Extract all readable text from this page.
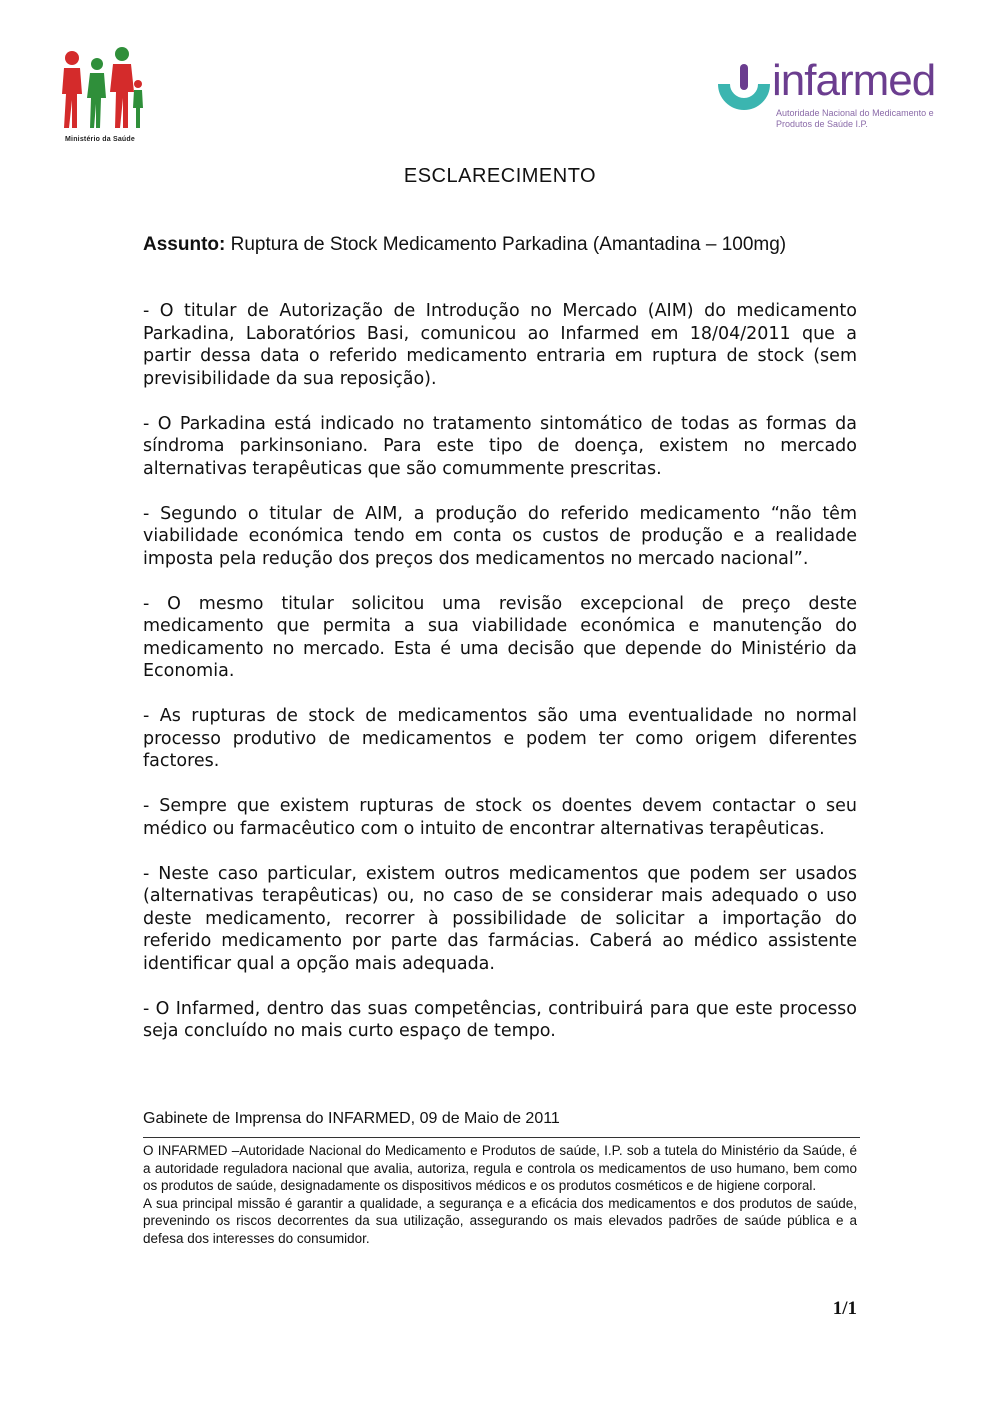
Ministério da Saúde
infarmed
Autoridade Nacional do Medicamento e Produtos de Saúde I.P.
ESCLARECIMENTO
Assunto: Ruptura de Stock Medicamento Parkadina (Amantadina – 100mg)

- O titular de Autorização de Introdução no Mercado (AIM) do medicamento Parkadina, Laboratórios Basi, comunicou ao Infarmed em 18/04/2011 que a partir dessa data o referido medicamento entraria em ruptura de stock (sem previsibilidade da sua reposição).

- O Parkadina está indicado no tratamento sintomático de todas as formas da síndroma parkinsoniano. Para este tipo de doença, existem no mercado alternativas terapêuticas que são comummente prescritas.

- Segundo o titular de AIM, a produção do referido medicamento “não têm viabilidade económica tendo em conta os custos de produção e a realidade imposta pela redução dos preços dos medicamentos no mercado nacional”.

- O mesmo titular solicitou uma revisão excepcional de preço deste medicamento que permita a sua viabilidade económica e manutenção do medicamento no mercado. Esta é uma decisão que depende do Ministério da Economia.

- As rupturas de stock de medicamentos são uma eventualidade no normal processo produtivo de medicamentos e podem ter como origem diferentes factores.

- Sempre que existem rupturas de stock os doentes devem contactar o seu médico ou farmacêutico com o intuito de encontrar alternativas terapêuticas.

- Neste caso particular, existem outros medicamentos que podem ser usados (alternativas terapêuticas) ou, no caso de se considerar mais adequado o uso deste medicamento, recorrer à possibilidade de solicitar a importação do referido medicamento por parte das farmácias. Caberá ao médico assistente identificar qual a opção mais adequada.

- O Infarmed, dentro das suas competências, contribuirá para que este processo seja concluído no mais curto espaço de tempo.

Gabinete de Imprensa do INFARMED, 09 de Maio de 2011

O INFARMED –Autoridade Nacional do Medicamento e Produtos de saúde, I.P. sob a tutela do Ministério da Saúde, é a autoridade reguladora nacional que avalia, autoriza, regula e controla os medicamentos de uso humano, bem como os produtos de saúde, designadamente os dispositivos médicos e os produtos cosméticos e de higiene corporal.

A sua principal missão é garantir a qualidade, a segurança e a eficácia dos medicamentos e dos produtos de saúde, prevenindo os riscos decorrentes da sua utilização, assegurando os mais elevados padrões de saúde pública e a defesa dos interesses do consumidor.

1/1
